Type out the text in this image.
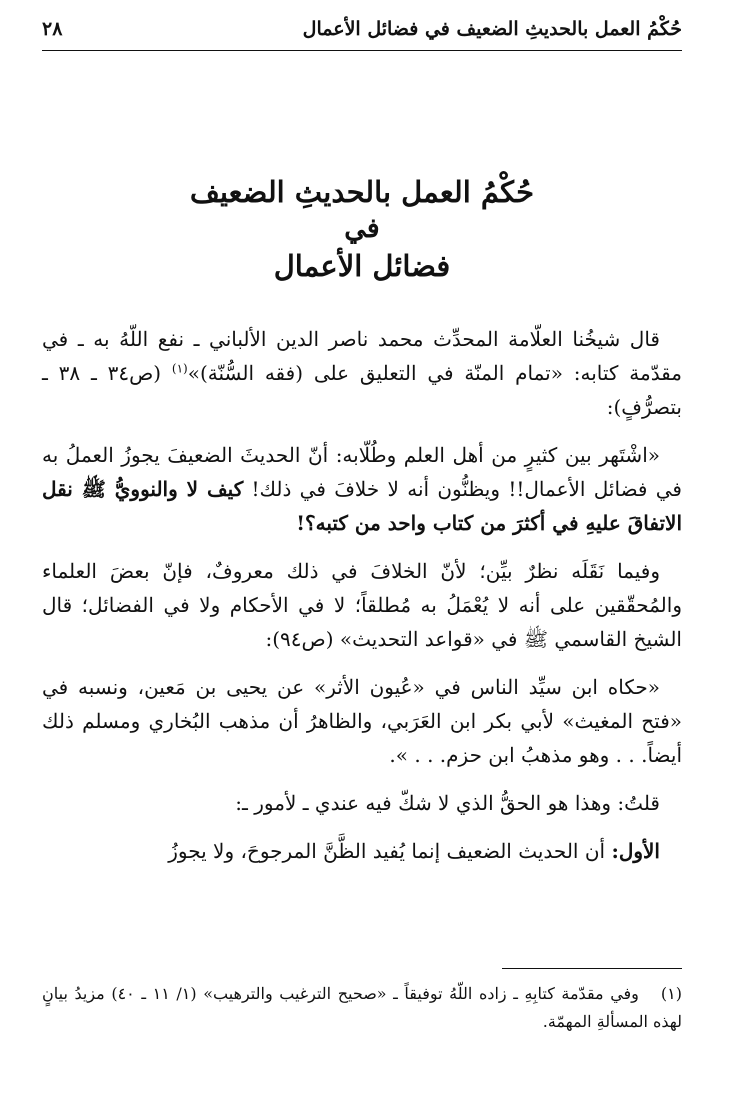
حُكْمُ العمل بالحديثِ الضعيف في فضائل الأعمال
٢٨

حُكْمُ العمل بالحديثِ الضعيف

في

فضائل الأعمال

قال شيخُنا العلّامة المحدِّث محمد ناصر الدين الألباني ـ نفع اللّهُ به ـ في مقدّمة كتابه: «تمام المنّة في التعليق على (فقه السُّنّة)»$^{(١)}$ (ص٣٤ ـ ٣٨ ـ بتصرُّفٍ):

«اشْتَهر بين كثيرٍ من أهل العلم وطُلّابه: أنّ الحديثَ الضعيفَ يجوزُ العملُ به في فضائل الأعمال!! ويظنُّون أنه لا خلافَ في ذلك! كيف لا والنوويُّ ﷺ نقل الاتفاقَ عليهِ في أكثرَ من كتاب واحد من كتبه؟!

وفيما نَقَلَه نظرٌ بيِّن؛ لأنّ الخلافَ في ذلك معروفٌ، فإنّ بعضَ العلماء والمُحقّقين على أنه لا يُعْمَلُ به مُطلقاً؛ لا في الأحكام ولا في الفضائل؛ قال الشيخ القاسمي ﷺ في «قواعد التحديث» (ص٩٤):

«حكاه ابن سيِّد الناس في «عُيون الأثر» عن يحيى بن مَعين، ونسبه في «فتح المغيث» لأبي بكر ابن العَرَبي، والظاهرُ أن مذهب البُخاري ومسلم ذلك أيضاً. . . وهو مذهبُ ابن حزم. . . ».

قلتُ: وهذا هو الحقُّ الذي لا شكّ فيه عندي ـ لأمور ـ:

الأول: أن الحديث الضعيف إنما يُفيد الظَّنَّ المرجوحَ، ولا يجوزُ

(١)وفي مقدّمة كتابِهِ ـ زاده اللّهُ توفيقاً ـ «صحيح الترغيب والترهيب» (١/ ١١ ـ ٤٠) مزيدُ بيانٍ لهذه المسألةِ المهمّة.
